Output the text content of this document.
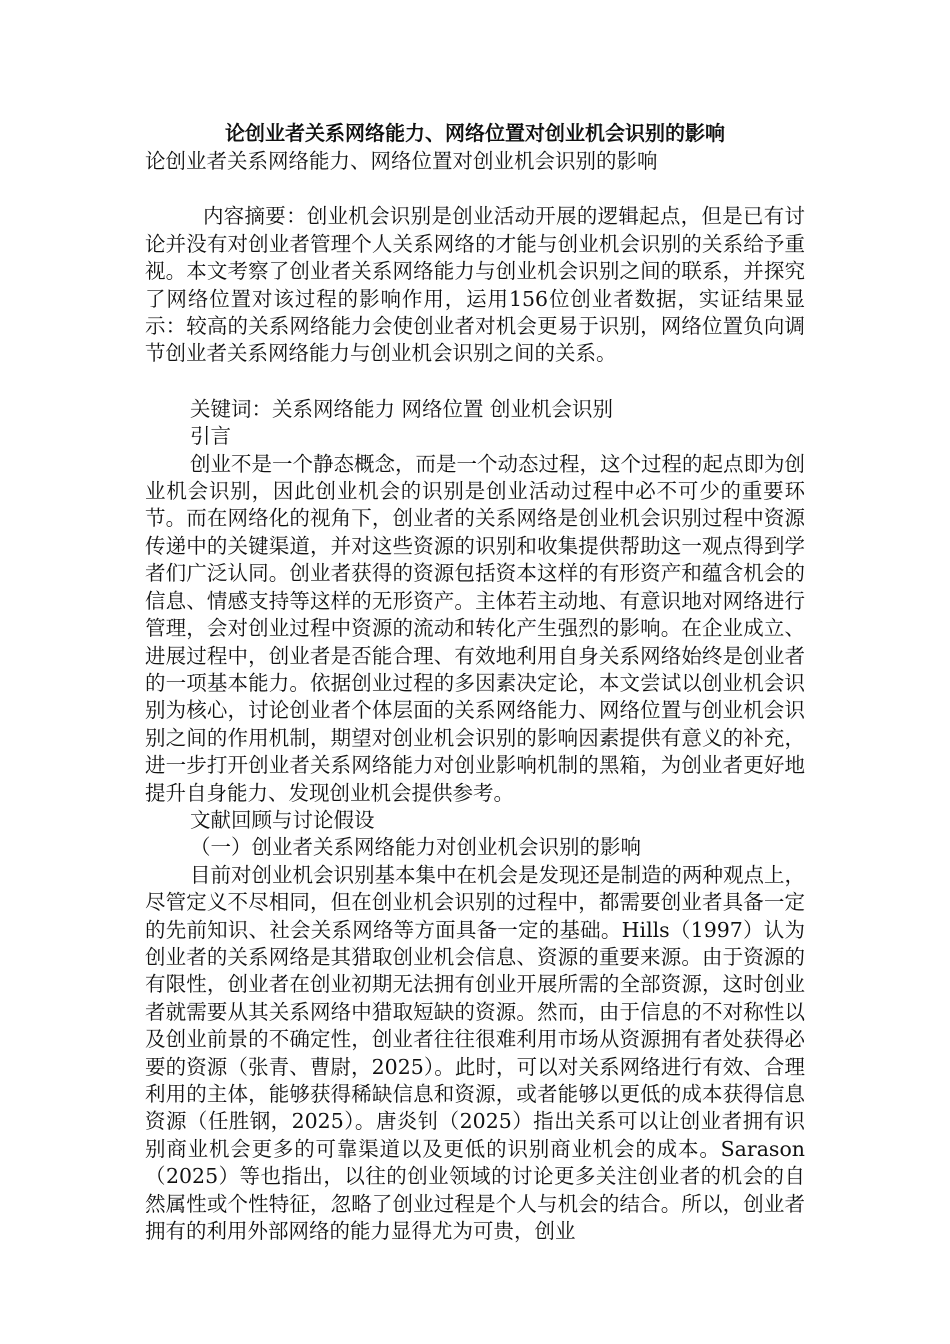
论创业者关系网络能力、网络位置对创业机会识别的影响

论创业者关系网络能力、网络位置对创业机会识别的影响

内容摘要：创业机会识别是创业活动开展的逻辑起点，但是已有讨论并没有对创业者管理个人关系网络的才能与创业机会识别的关系给予重视。本文考察了创业者关系网络能力与创业机会识别之间的联系，并探究了网络位置对该过程的影响作用，运用156位创业者数据，实证结果显示：较高的关系网络能力会使创业者对机会更易于识别，网络位置负向调节创业者关系网络能力与创业机会识别之间的关系。

关键词：关系网络能力 网络位置 创业机会识别

引言

创业不是一个静态概念，而是一个动态过程，这个过程的起点即为创业机会识别，因此创业机会的识别是创业活动过程中必不可少的重要环节。而在网络化的视角下，创业者的关系网络是创业机会识别过程中资源传递中的关键渠道，并对这些资源的识别和收集提供帮助这一观点得到学者们广泛认同。创业者获得的资源包括资本这样的有形资产和蕴含机会的信息、情感支持等这样的无形资产。主体若主动地、有意识地对网络进行管理，会对创业过程中资源的流动和转化产生强烈的影响。在企业成立、进展过程中，创业者是否能合理、有效地利用自身关系网络始终是创业者的一项基本能力。依据创业过程的多因素决定论，本文尝试以创业机会识别为核心，讨论创业者个体层面的关系网络能力、网络位置与创业机会识别之间的作用机制，期望对创业机会识别的影响因素提供有意义的补充，进一步打开创业者关系网络能力对创业影响机制的黑箱，为创业者更好地提升自身能力、发现创业机会提供参考。

文献回顾与讨论假设

（一）创业者关系网络能力对创业机会识别的影响

目前对创业机会识别基本集中在机会是发现还是制造的两种观点上，尽管定义不尽相同，但在创业机会识别的过程中，都需要创业者具备一定的先前知识、社会关系网络等方面具备一定的基础。Hills（1997）认为创业者的关系网络是其猎取创业机会信息、资源的重要来源。由于资源的有限性，创业者在创业初期无法拥有创业开展所需的全部资源，这时创业者就需要从其关系网络中猎取短缺的资源。然而，由于信息的不对称性以及创业前景的不确定性，创业者往往很难利用市场从资源拥有者处获得必要的资源（张青、曹尉，2025）。此时，可以对关系网络进行有效、合理利用的主体，能够获得稀缺信息和资源，或者能够以更低的成本获得信息资源（任胜钢，2025）。唐炎钊（2025）指出关系可以让创业者拥有识别商业机会更多的可靠渠道以及更低的识别商业机会的成本。Sarason（2025）等也指出，以往的创业领域的讨论更多关注创业者的机会的自然属性或个性特征，忽略了创业过程是个人与机会的结合。所以，创业者拥有的利用外部网络的能力显得尤为可贵，创业
